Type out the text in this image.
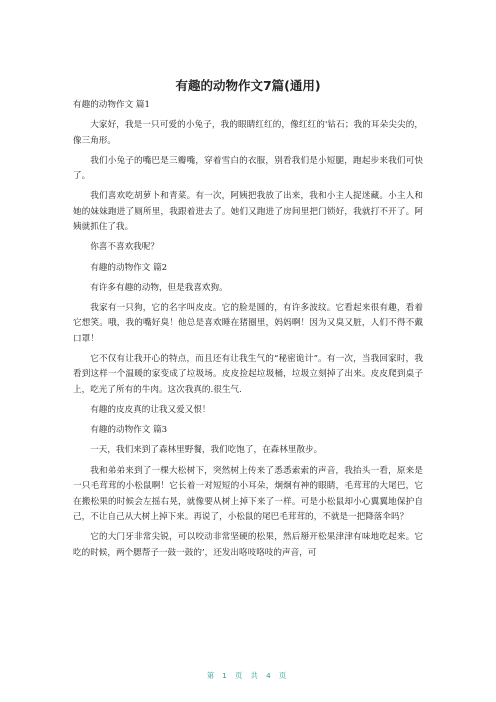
有趣的动物作文7篇(通用)

有趣的动物作文 篇1

大家好，我是一只可爱的小兔子，我的眼睛红红的，像红红的'钻石；我的耳朵尖尖的，像三角形。

我们小兔子的嘴巴是三瓣嘴，穿着雪白的衣服，别看我们是小短腿，跑起步来我们可快了。

我们喜欢吃胡萝卜和青菜。有一次，阿姨把我放了出来，我和小主人捉迷藏。小主人和她的妹妹跑进了厕所里，我跟着进去了。她们又跑进了房间里把门锁好，我就打不开了。阿姨就抓住了我。

你喜不喜欢我呢？

有趣的动物作文 篇2

有许多有趣的动物，但是我喜欢狗。

我家有一只狗，它的名字叫皮皮。它的脸是圆的，有许多波纹。它看起来很有趣，看着它想笑。哦，我的嘴好臭！他总是喜欢睡在猪圈里，妈妈啊！因为又臭又脏，人们不得不戴口罩！

它不仅有让我开心的特点，而且还有让我生气的“秘密诡计”。有一次，当我回家时，我看到这样一个温暖的家变成了垃圾场。皮皮捡起垃圾桶，垃圾立刻掉了出来。皮皮爬到桌子上，吃光了所有的牛肉。这次我真的.很生气.

有趣的皮皮真的让我又爱又恨！

有趣的动物作文 篇3

一天，我们来到了森林里野餐，我们吃饱了，在森林里散步。

我和弟弟来到了一棵大松树下，突然树上传来了悉悉索索的声音，我抬头一看，原来是一只毛茸茸的小松鼠啊！它长着一对短短的小耳朵，炯炯有神的眼睛，毛茸茸的大尾巴，它在搬松果的时候会左摇右晃，就像要从树上掉下来了一样。可是小松鼠却小心翼翼地保护自己，不让自己从大树上掉下来。再说了，小松鼠的尾巴毛茸茸的，不就是一把降落伞吗？

它的大门牙非常尖锐，可以咬动非常坚硬的松果，然后掰开松果津津有味地吃起来。它吃的时候，两个腮帮子一鼓一鼓的’，还发出咯吱咯吱的声音，可

第 1 页 共 4 页
